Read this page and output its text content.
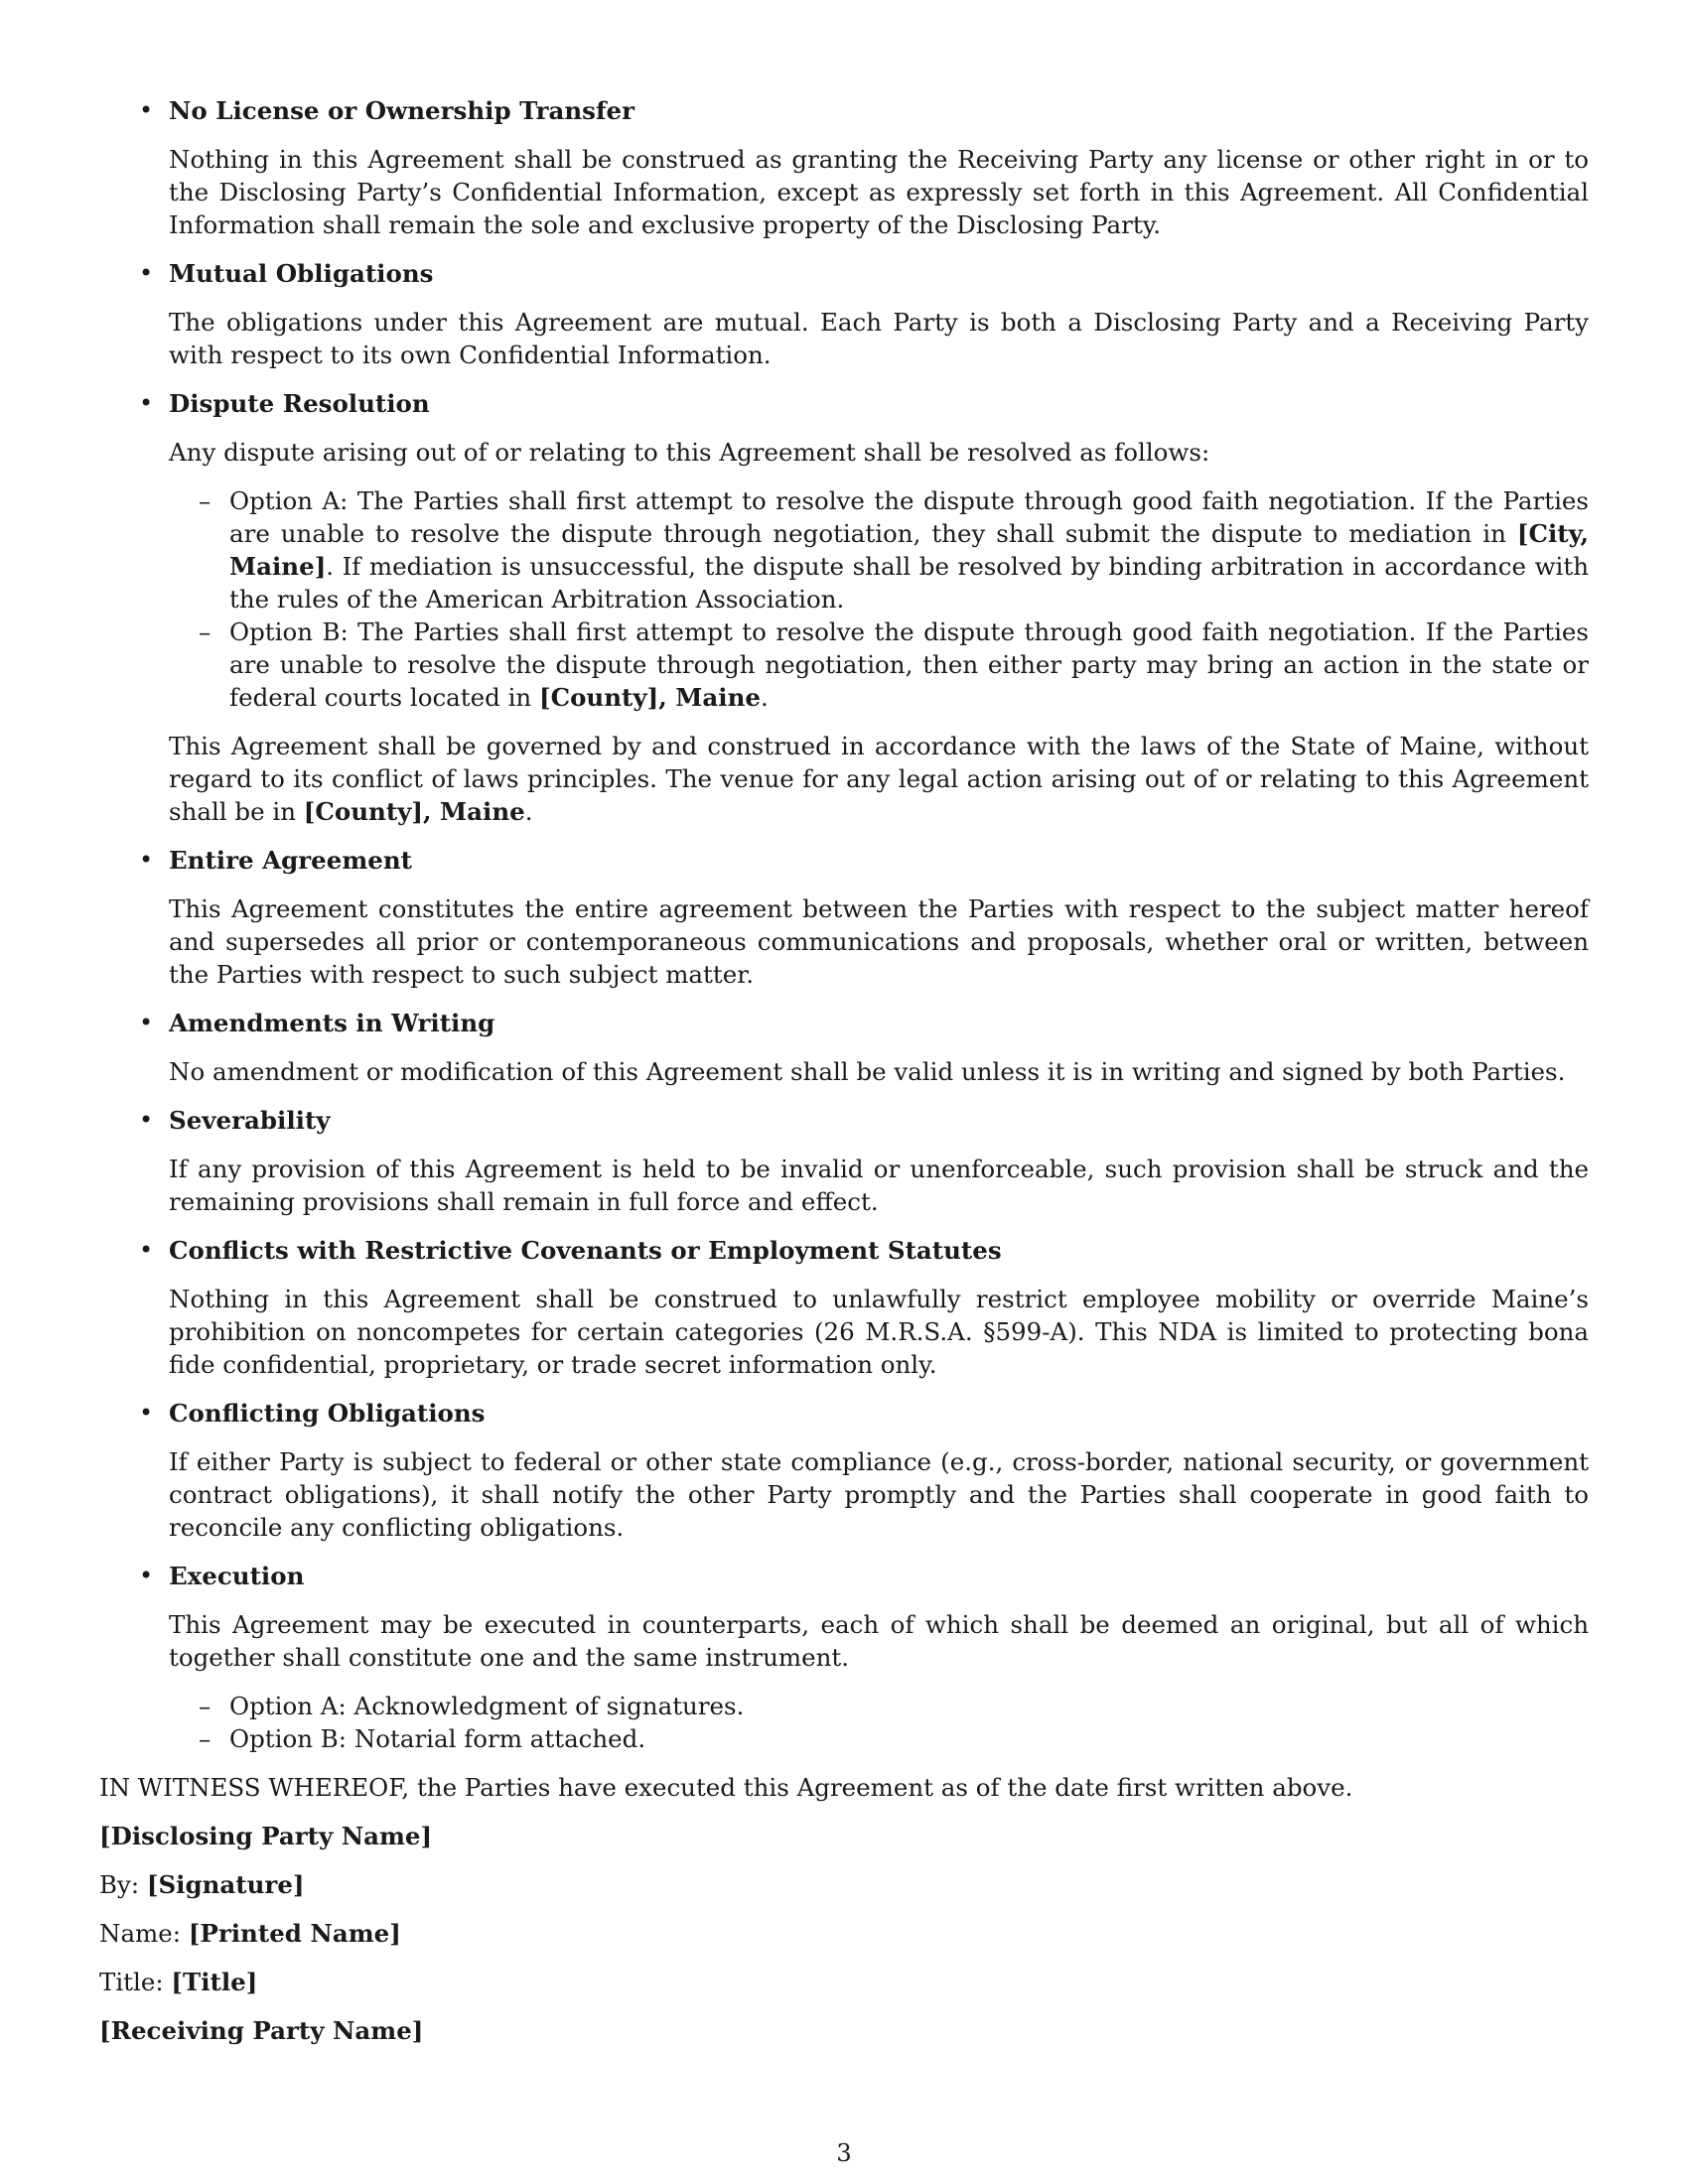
• No License or Ownership Transfer

Nothing in this Agreement shall be construed as granting the Receiving Party any license or other right in or to the Disclosing Party’s Confidential Information, except as expressly set forth in this Agreement. All Confidential Information shall remain the sole and exclusive property of the Disclosing Party.

• Mutual Obligations

The obligations under this Agreement are mutual. Each Party is both a Disclosing Party and a Receiving Party with respect to its own Confidential Information.

• Dispute Resolution

Any dispute arising out of or relating to this Agreement shall be resolved as follows:

– Option A: The Parties shall first attempt to resolve the dispute through good faith negotiation. If the Parties are unable to resolve the dispute through negotiation, they shall submit the dispute to mediation in [City, Maine]. If mediation is unsuccessful, the dispute shall be resolved by binding arbitration in accordance with the rules of the American Arbitration Association.
– Option B: The Parties shall first attempt to resolve the dispute through good faith negotiation. If the Parties are unable to resolve the dispute through negotiation, then either party may bring an action in the state or federal courts located in [County], Maine.

This Agreement shall be governed by and construed in accordance with the laws of the State of Maine, without regard to its conflict of laws principles. The venue for any legal action arising out of or relating to this Agreement shall be in [County], Maine.

• Entire Agreement

This Agreement constitutes the entire agreement between the Parties with respect to the subject matter hereof and supersedes all prior or contemporaneous communications and proposals, whether oral or written, between the Parties with respect to such subject matter.

• Amendments in Writing

No amendment or modification of this Agreement shall be valid unless it is in writing and signed by both Parties.

• Severability

If any provision of this Agreement is held to be invalid or unenforceable, such provision shall be struck and the remaining provisions shall remain in full force and effect.

• Conflicts with Restrictive Covenants or Employment Statutes

Nothing in this Agreement shall be construed to unlawfully restrict employee mobility or override Maine’s prohibition on noncompetes for certain categories (26 M.R.S.A. §599-A). This NDA is limited to protecting bona fide confidential, proprietary, or trade secret information only.

• Conflicting Obligations

If either Party is subject to federal or other state compliance (e.g., cross-border, national security, or government contract obligations), it shall notify the other Party promptly and the Parties shall cooperate in good faith to reconcile any conflicting obligations.

• Execution

This Agreement may be executed in counterparts, each of which shall be deemed an original, but all of which together shall constitute one and the same instrument.

– Option A: Acknowledgment of signatures.
– Option B: Notarial form attached.

IN WITNESS WHEREOF, the Parties have executed this Agreement as of the date first written above.

[Disclosing Party Name]

By: [Signature]

Name: [Printed Name]

Title: [Title]

[Receiving Party Name]

3
